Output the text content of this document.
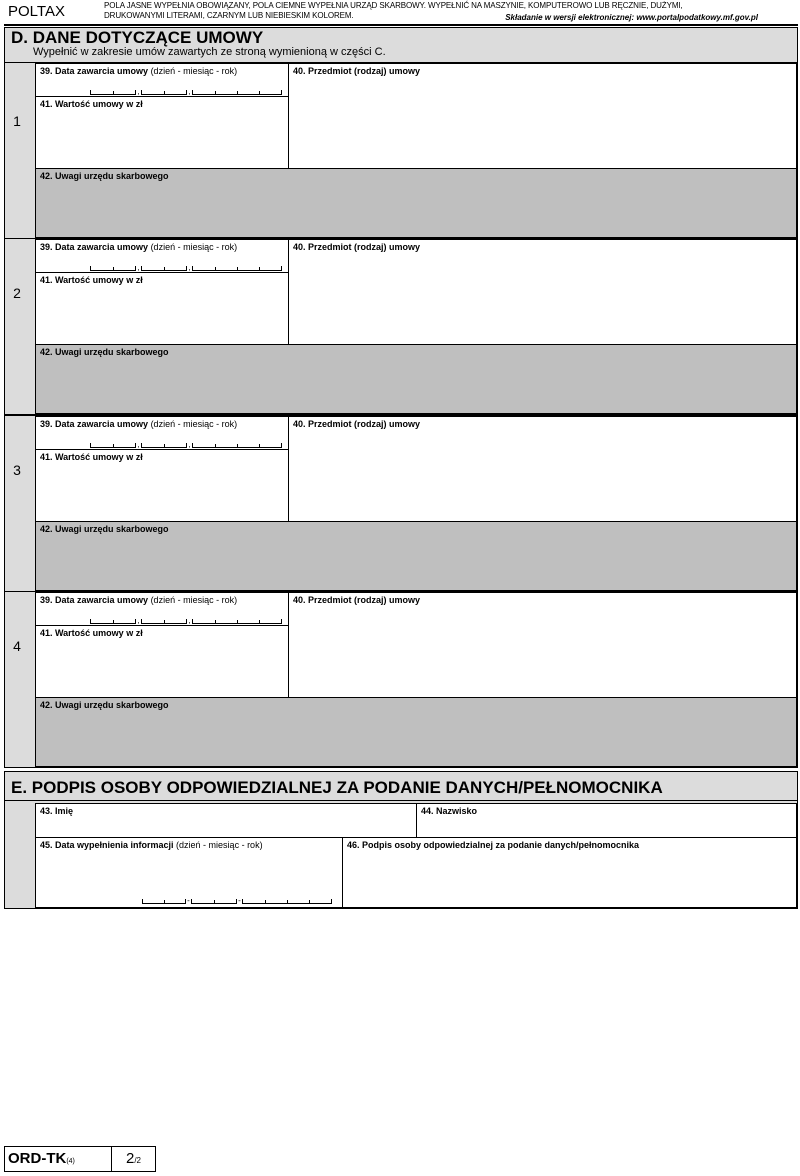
POLTAX	POLA JASNE WYPEŁNIA OBOWIĄZANY, POLA CIEMNE WYPEŁNIA URZĄD SKARBOWY. WYPEŁNIĆ NA MASZYNIE, KOMPUTEROWO LUB RĘCZNIE, DUŻYMI,
DRUKOWANYMI LITERAMI, CZARNYM LUB NIEBIESKIM KOLOREM.	Składanie w wersji elektronicznej: www.portalpodatkowy.mf.gov.pl
D. DANE DOTYCZĄCE UMOWY
Wypełnić w zakresie umów zawartych ze stroną wymienioną w części C.
1
39. Data zawarcia umowy (dzień - miesiąc - rok)
,	,
40. Przedmiot (rodzaj) umowy
41. Wartość umowy w zł
42. Uwagi urzędu skarbowego
2
39. Data zawarcia umowy (dzień - miesiąc - rok)
,	,
40. Przedmiot (rodzaj) umowy
41. Wartość umowy w zł
42. Uwagi urzędu skarbowego
3
39. Data zawarcia umowy (dzień - miesiąc - rok)
,	,
40. Przedmiot (rodzaj) umowy
41. Wartość umowy w zł
42. Uwagi urzędu skarbowego
4
39. Data zawarcia umowy (dzień - miesiąc - rok)
,	,
40. Przedmiot (rodzaj) umowy
41. Wartość umowy w zł
42. Uwagi urzędu skarbowego
E. PODPIS OSOBY ODPOWIEDZIALNEJ ZA PODANIE DANYCH/PEŁNOMOCNIKA
43. Imię	44. Nazwisko
45. Data wypełnienia informacji (dzień - miesiąc - rok)
-	-
46. Podpis osoby odpowiedzialnej za podanie danych/pełnomocnika
ORD-TK(4)	2/2
